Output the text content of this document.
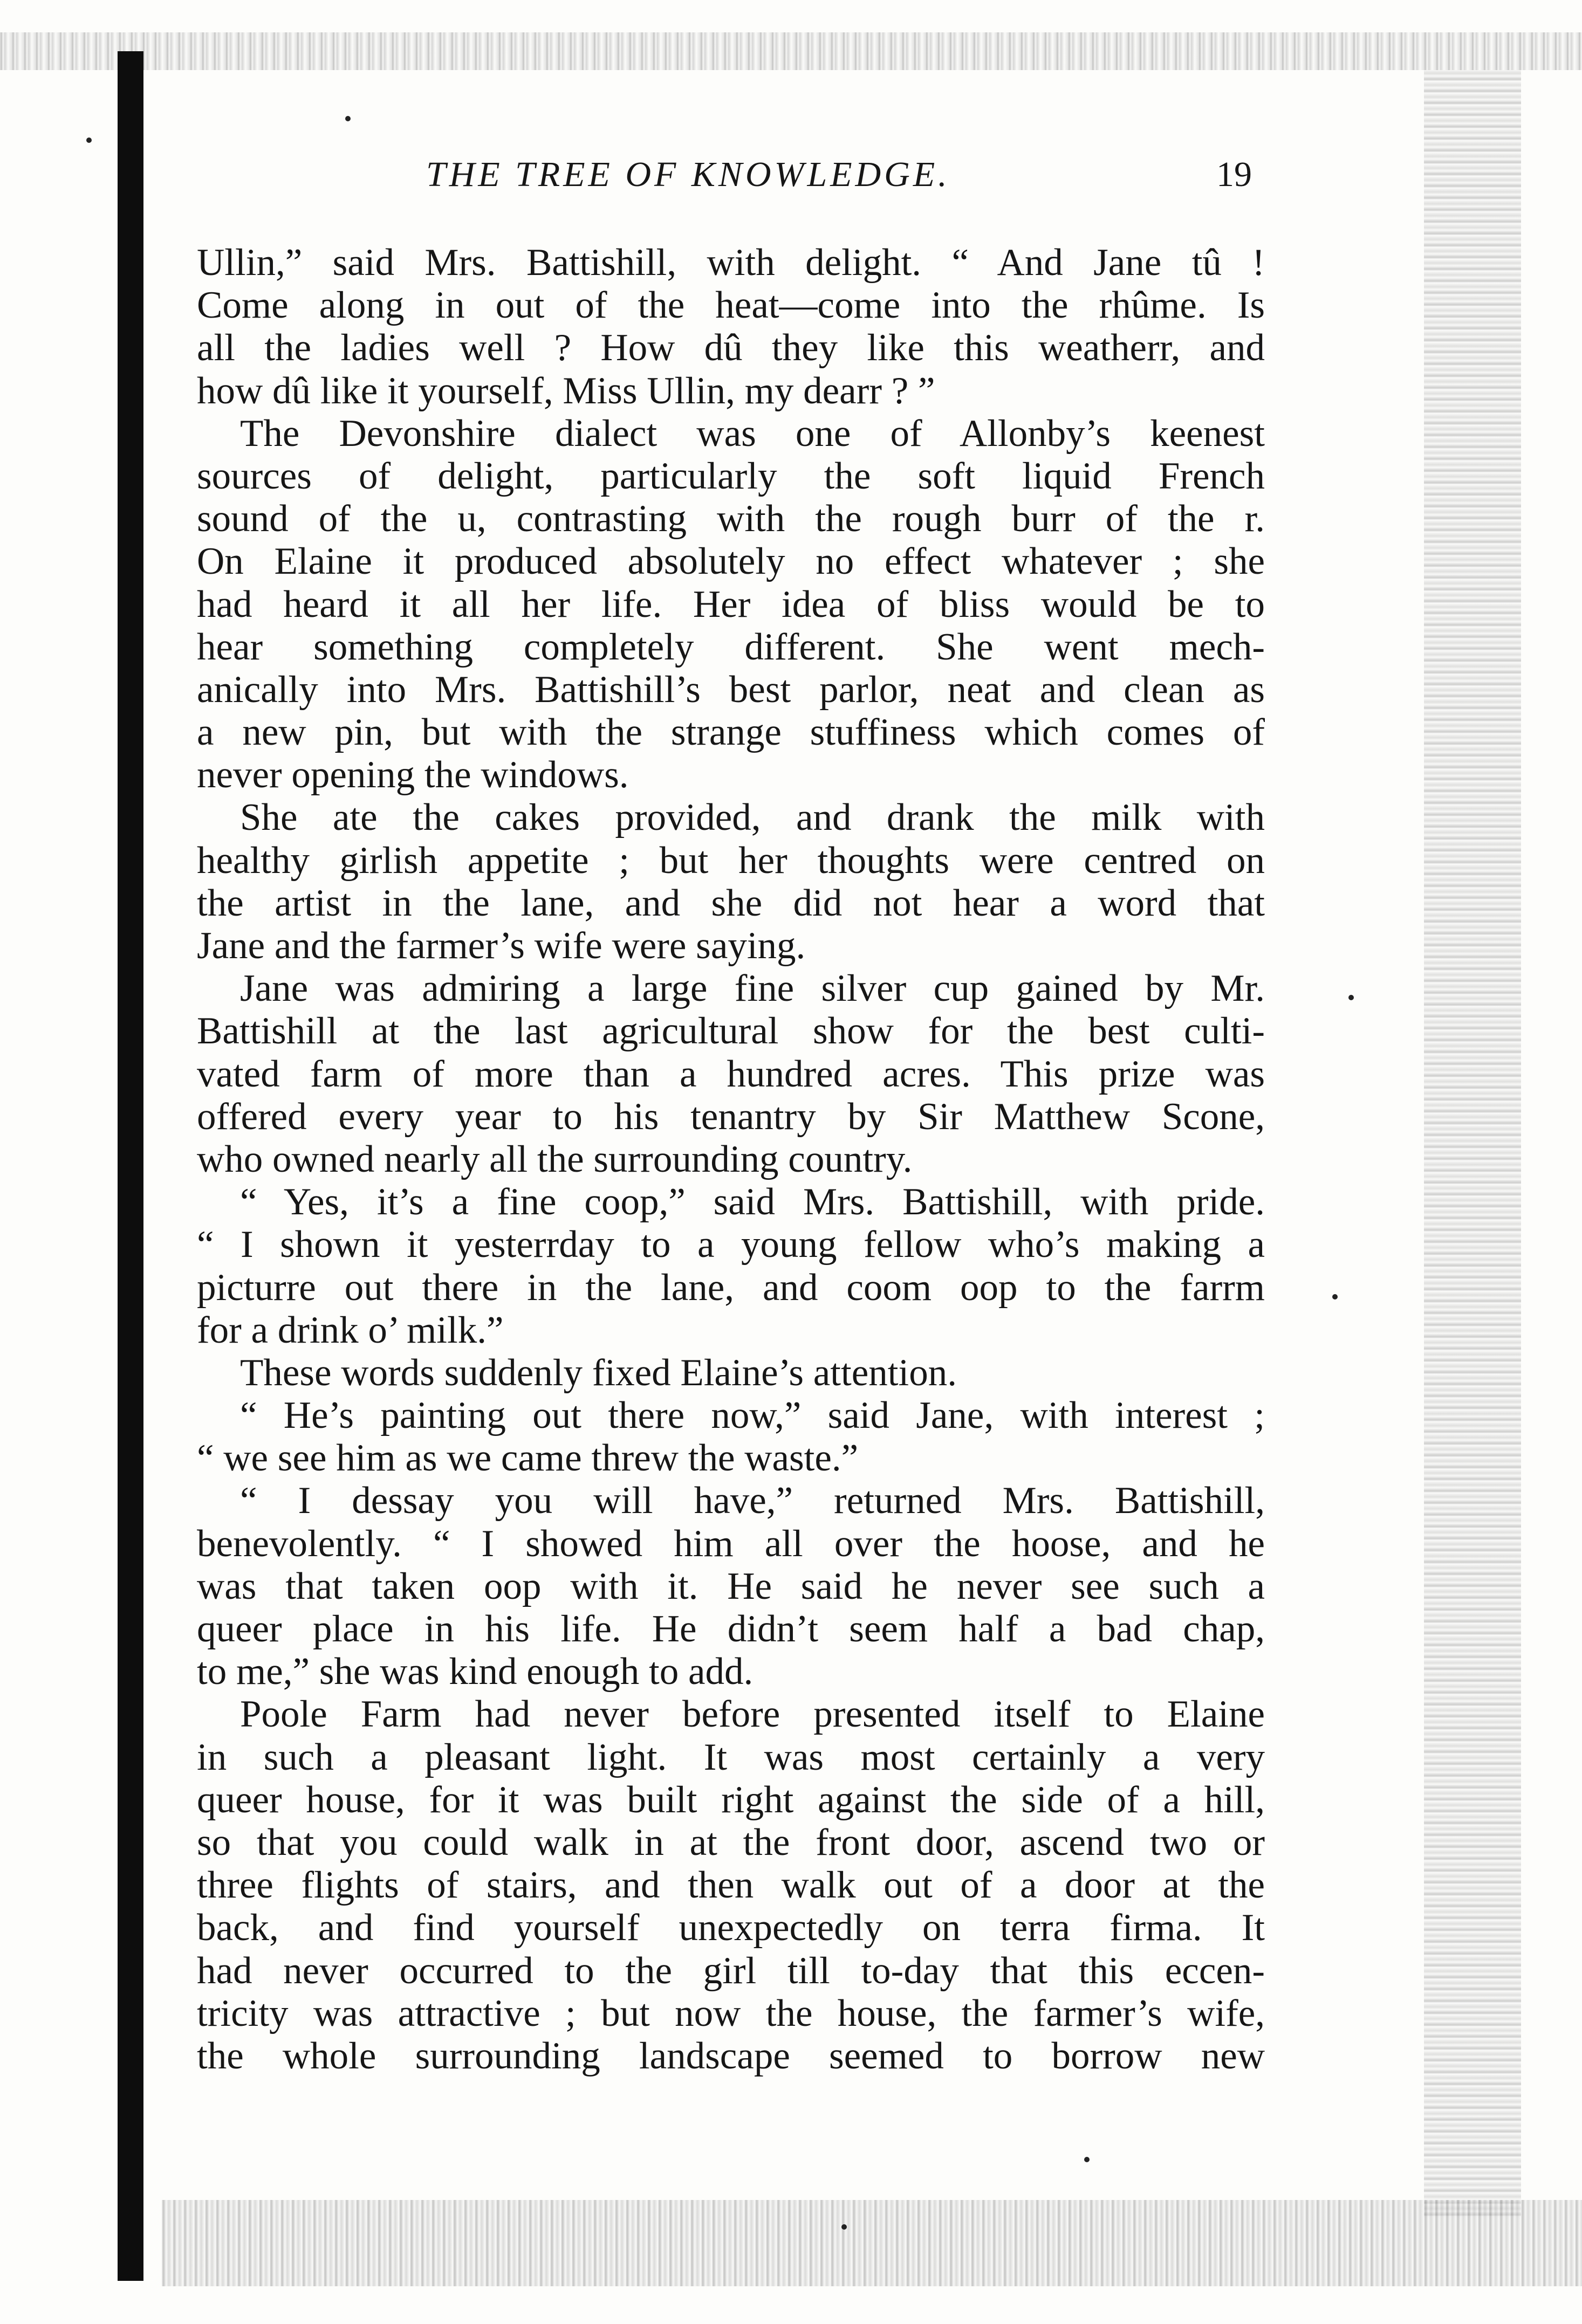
THE TREE OF KNOWLEDGE.	19
Ullin,” said Mrs. Battishill, with delight. “ And Jane tû !
Come along in out of the heat—come into the rhûme. Is
all the ladies well ? How dû they like this weatherr, and
how dû like it yourself, Miss Ullin, my dearr ? ”
The Devonshire dialect was one of Allonby’s keenest
sources of delight, particularly the soft liquid French
sound of the u, contrasting with the rough burr of the r.
On Elaine it produced absolutely no effect whatever ; she
had heard it all her life. Her idea of bliss would be to
hear something completely different. She went mech-
anically into Mrs. Battishill’s best parlor, neat and clean as
a new pin, but with the strange stuffiness which comes of
never opening the windows.
She ate the cakes provided, and drank the milk with
healthy girlish appetite ; but her thoughts were centred on
the artist in the lane, and she did not hear a word that
Jane and the farmer’s wife were saying.
Jane was admiring a large fine silver cup gained by Mr.
Battishill at the last agricultural show for the best culti-
vated farm of more than a hundred acres. This prize was
offered every year to his tenantry by Sir Matthew Scone,
who owned nearly all the surrounding country.
“ Yes, it’s a fine coop,” said Mrs. Battishill, with pride.
“ I shown it yesterrday to a young fellow who’s making a
picturre out there in the lane, and coom oop to the farrm
for a drink o’ milk.”
These words suddenly fixed Elaine’s attention.
“ He’s painting out there now,” said Jane, with interest ;
“ we see him as we came threw the waste.”
“ I dessay you will have,” returned Mrs. Battishill,
benevolently. “ I showed him all over the hoose, and he
was that taken oop with it. He said he never see such a
queer place in his life. He didn’t seem half a bad chap,
to me,” she was kind enough to add.
Poole Farm had never before presented itself to Elaine
in such a pleasant light. It was most certainly a very
queer house, for it was built right against the side of a hill,
so that you could walk in at the front door, ascend two or
three flights of stairs, and then walk out of a door at the
back, and find yourself unexpectedly on terra firma. It
had never occurred to the girl till to-day that this eccen-
tricity was attractive ; but now the house, the farmer’s wife,
the whole surrounding landscape seemed to borrow new
